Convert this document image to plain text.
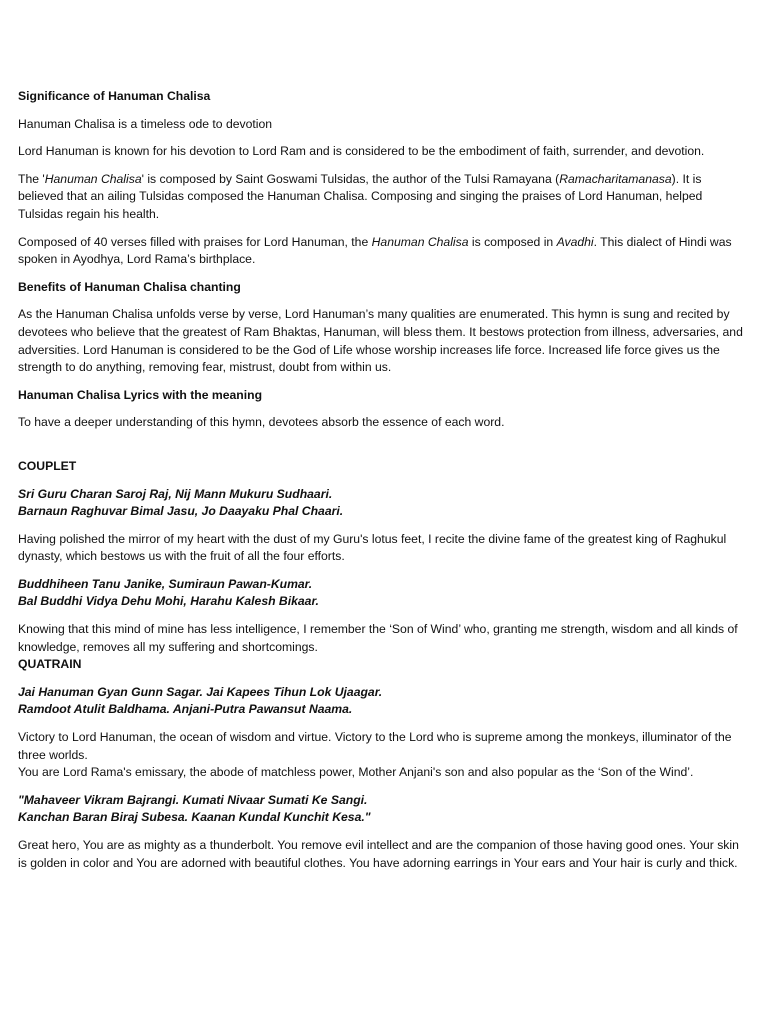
Significance of Hanuman Chalisa

Hanuman Chalisa is a timeless ode to devotion

Lord Hanuman is known for his devotion to Lord Ram and is considered to be the embodiment of faith, surrender, and devotion.

The 'Hanuman Chalisa' is composed by Saint Goswami Tulsidas, the author of the Tulsi Ramayana (Ramacharitamanasa). It is believed that an ailing Tulsidas composed the Hanuman Chalisa. Composing and singing the praises of Lord Hanuman, helped Tulsidas regain his health.

Composed of 40 verses filled with praises for Lord Hanuman, the Hanuman Chalisa is composed in Avadhi. This dialect of Hindi was spoken in Ayodhya, Lord Rama’s birthplace.

Benefits of Hanuman Chalisa chanting

As the Hanuman Chalisa unfolds verse by verse, Lord Hanuman’s many qualities are enumerated. This hymn is sung and recited by devotees who believe that the greatest of Ram Bhaktas, Hanuman, will bless them. It bestows protection from illness, adversaries, and adversities. Lord Hanuman is considered to be the God of Life whose worship increases life force. Increased life force gives us the strength to do anything, removing fear, mistrust, doubt from within us.

Hanuman Chalisa Lyrics with the meaning

To have a deeper understanding of this hymn, devotees absorb the essence of each word.

COUPLET

Sri Guru Charan Saroj Raj, Nij Mann Mukuru Sudhaari.
Barnaun Raghuvar Bimal Jasu, Jo Daayaku Phal Chaari.

Having polished the mirror of my heart with the dust of my Guru's lotus feet, I recite the divine fame of the greatest king of Raghukul dynasty, which bestows us with the fruit of all the four efforts.

Buddhiheen Tanu Janike, Sumiraun Pawan-Kumar.
Bal Buddhi Vidya Dehu Mohi, Harahu Kalesh Bikaar.

Knowing that this mind of mine has less intelligence, I remember the ‘Son of Wind’ who, granting me strength, wisdom and all kinds of knowledge, removes all my suffering and shortcomings.

QUATRAIN

Jai Hanuman Gyan Gunn Sagar. Jai Kapees Tihun Lok Ujaagar.
Ramdoot Atulit Baldhama. Anjani-Putra Pawansut Naama.

Victory to Lord Hanuman, the ocean of wisdom and virtue. Victory to the Lord who is supreme among the monkeys, illuminator of the three worlds.

You are Lord Rama's emissary, the abode of matchless power, Mother Anjani's son and also popular as the ‘Son of the Wind’.

"Mahaveer Vikram Bajrangi. Kumati Nivaar Sumati Ke Sangi.
Kanchan Baran Biraj Subesa. Kaanan Kundal Kunchit Kesa."

Great hero, You are as mighty as a thunderbolt. You remove evil intellect and are the companion of those having good ones. Your skin is golden in color and You are adorned with beautiful clothes. You have adorning earrings in Your ears and Your hair is curly and thick.
